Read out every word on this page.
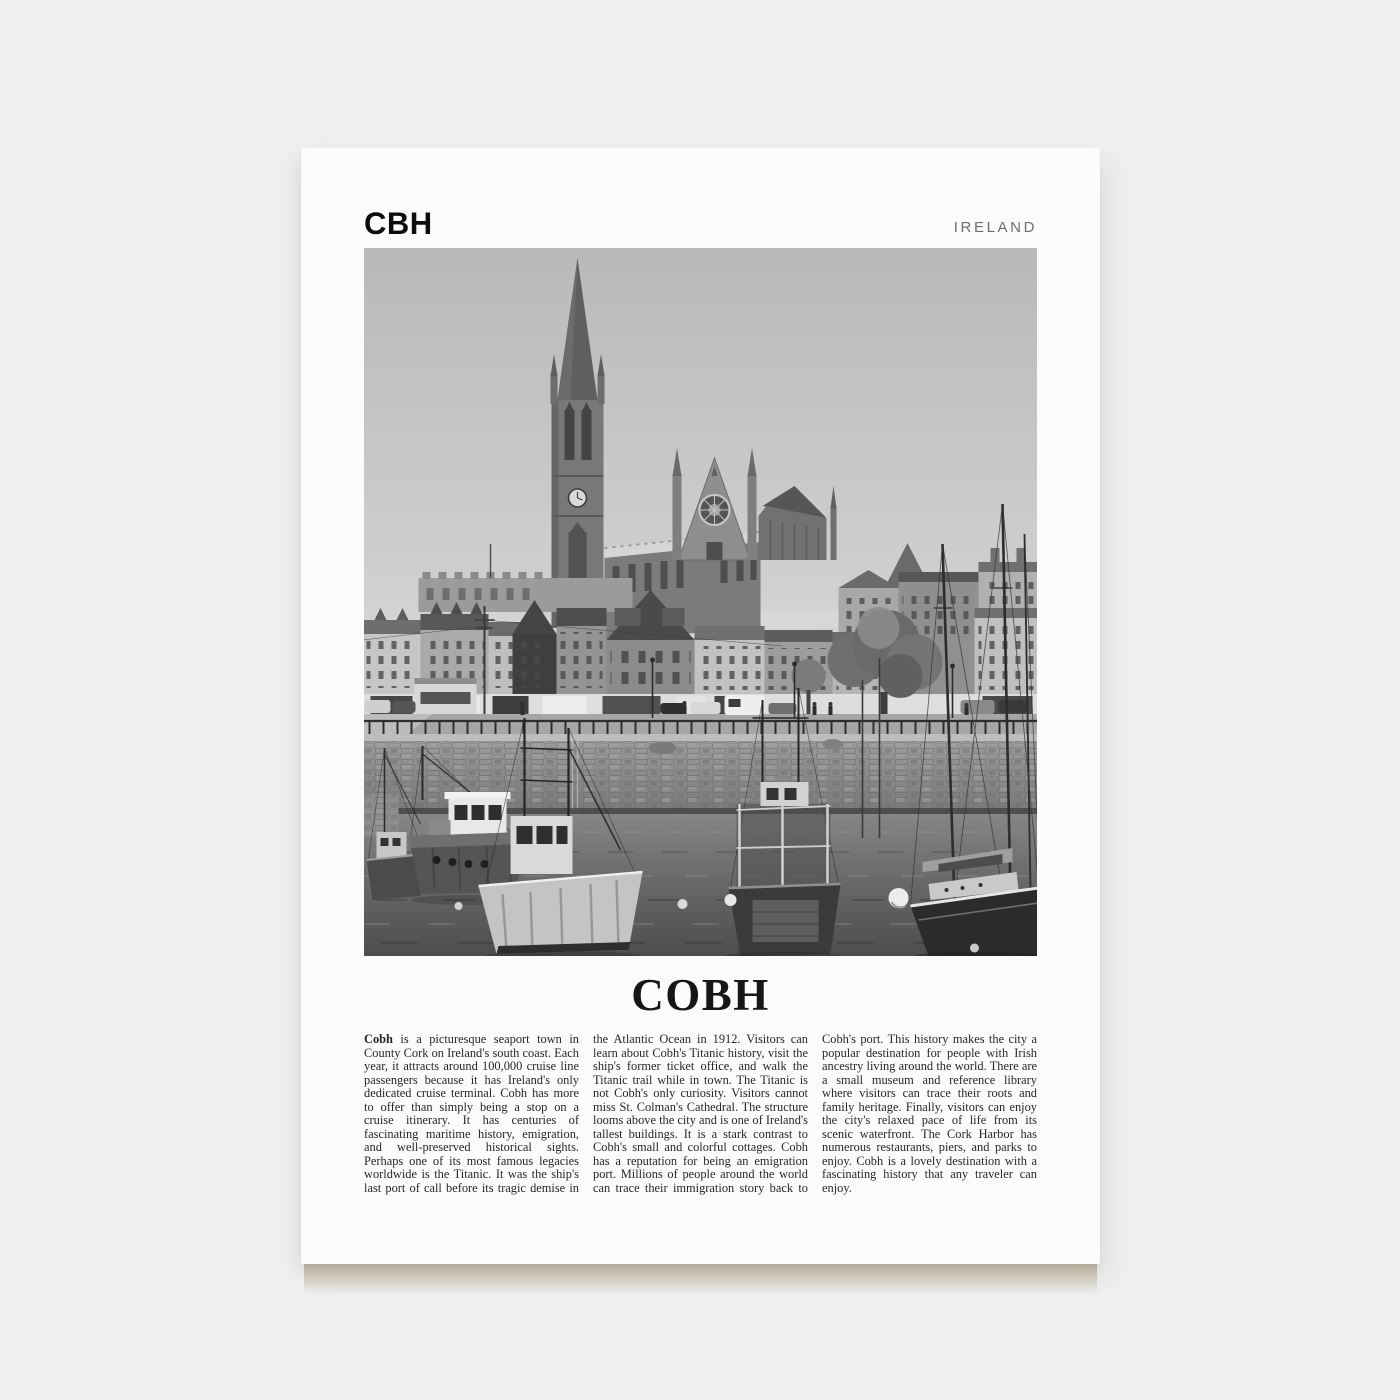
CBH	IRELAND
COBH
Cobh is a picturesque seaport town in County Cork on Ireland's south coast. Each year, it attracts around 100,000 cruise line passengers because it has Ireland's only dedicated cruise terminal. Cobh has more to offer than simply being a stop on a cruise itinerary. It has centuries of fascinating maritime history, emigration, and well-preserved historical sights. Perhaps one of its most famous legacies worldwide is the Titanic. It was the ship's last port of call before its tragic demise in the Atlantic Ocean in 1912. Visitors can learn about Cobh's Titanic history, visit the ship's former ticket office, and walk the Titanic trail while in town. The Titanic is not Cobh's only curiosity. Visitors cannot miss St. Colman's Cathedral. The structure looms above the city and is one of Ireland's tallest buildings. It is a stark contrast to Cobh's small and colorful cottages. Cobh has a reputation for being an emigration port. Millions of people around the world can trace their immigration story back to Cobh's port. This history makes the city a popular destination for people with Irish ancestry living around the world. There are a small museum and reference library where visitors can trace their roots and family heritage. Finally, visitors can enjoy the city's relaxed pace of life from its scenic waterfront. The Cork Harbor has numerous restaurants, piers, and parks to enjoy. Cobh is a lovely destination with a fascinating history that any traveler can enjoy.
